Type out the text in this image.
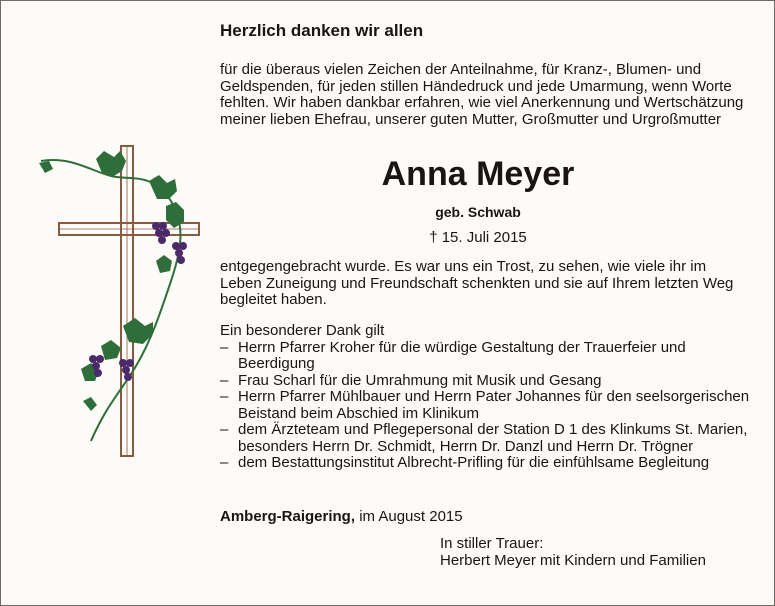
Herzlich danken wir allen
für die überaus vielen Zeichen der Anteilnahme, für Kranz-, Blumen- und Geldspenden, für jeden stillen Händedruck und jede Umarmung, wenn Worte fehlten. Wir haben dankbar erfahren, wie viel Anerkennung und Wertschätzung meiner lieben Ehefrau, unserer guten Mutter, Großmutter und Urgroßmutter
Anna Meyer
geb. Schwab
† 15. Juli 2015
entgegengebracht wurde. Es war uns ein Trost, zu sehen, wie viele ihr im Leben Zuneigung und Freundschaft schenkten und sie auf Ihrem letzten Weg begleitet haben.
Ein besonderer Dank gilt
– Herrn Pfarrer Kroher für die würdige Gestaltung der Trauerfeier und Beerdigung
– Frau Scharl für die Umrahmung mit Musik und Gesang
– Herrn Pfarrer Mühlbauer und Herrn Pater Johannes für den seelsorgerischen Beistand beim Abschied im Klinikum
– dem Ärzteteam und Pflegepersonal der Station D 1 des Klinkums St. Marien, besonders Herrn Dr. Schmidt, Herrn Dr. Danzl und Herrn Dr. Trögner
– dem Bestattungsinstitut Albrecht-Prifling für die einfühlsame Begleitung
Amberg-Raigering, im August 2015
In stiller Trauer:
Herbert Meyer mit Kindern und Familien
